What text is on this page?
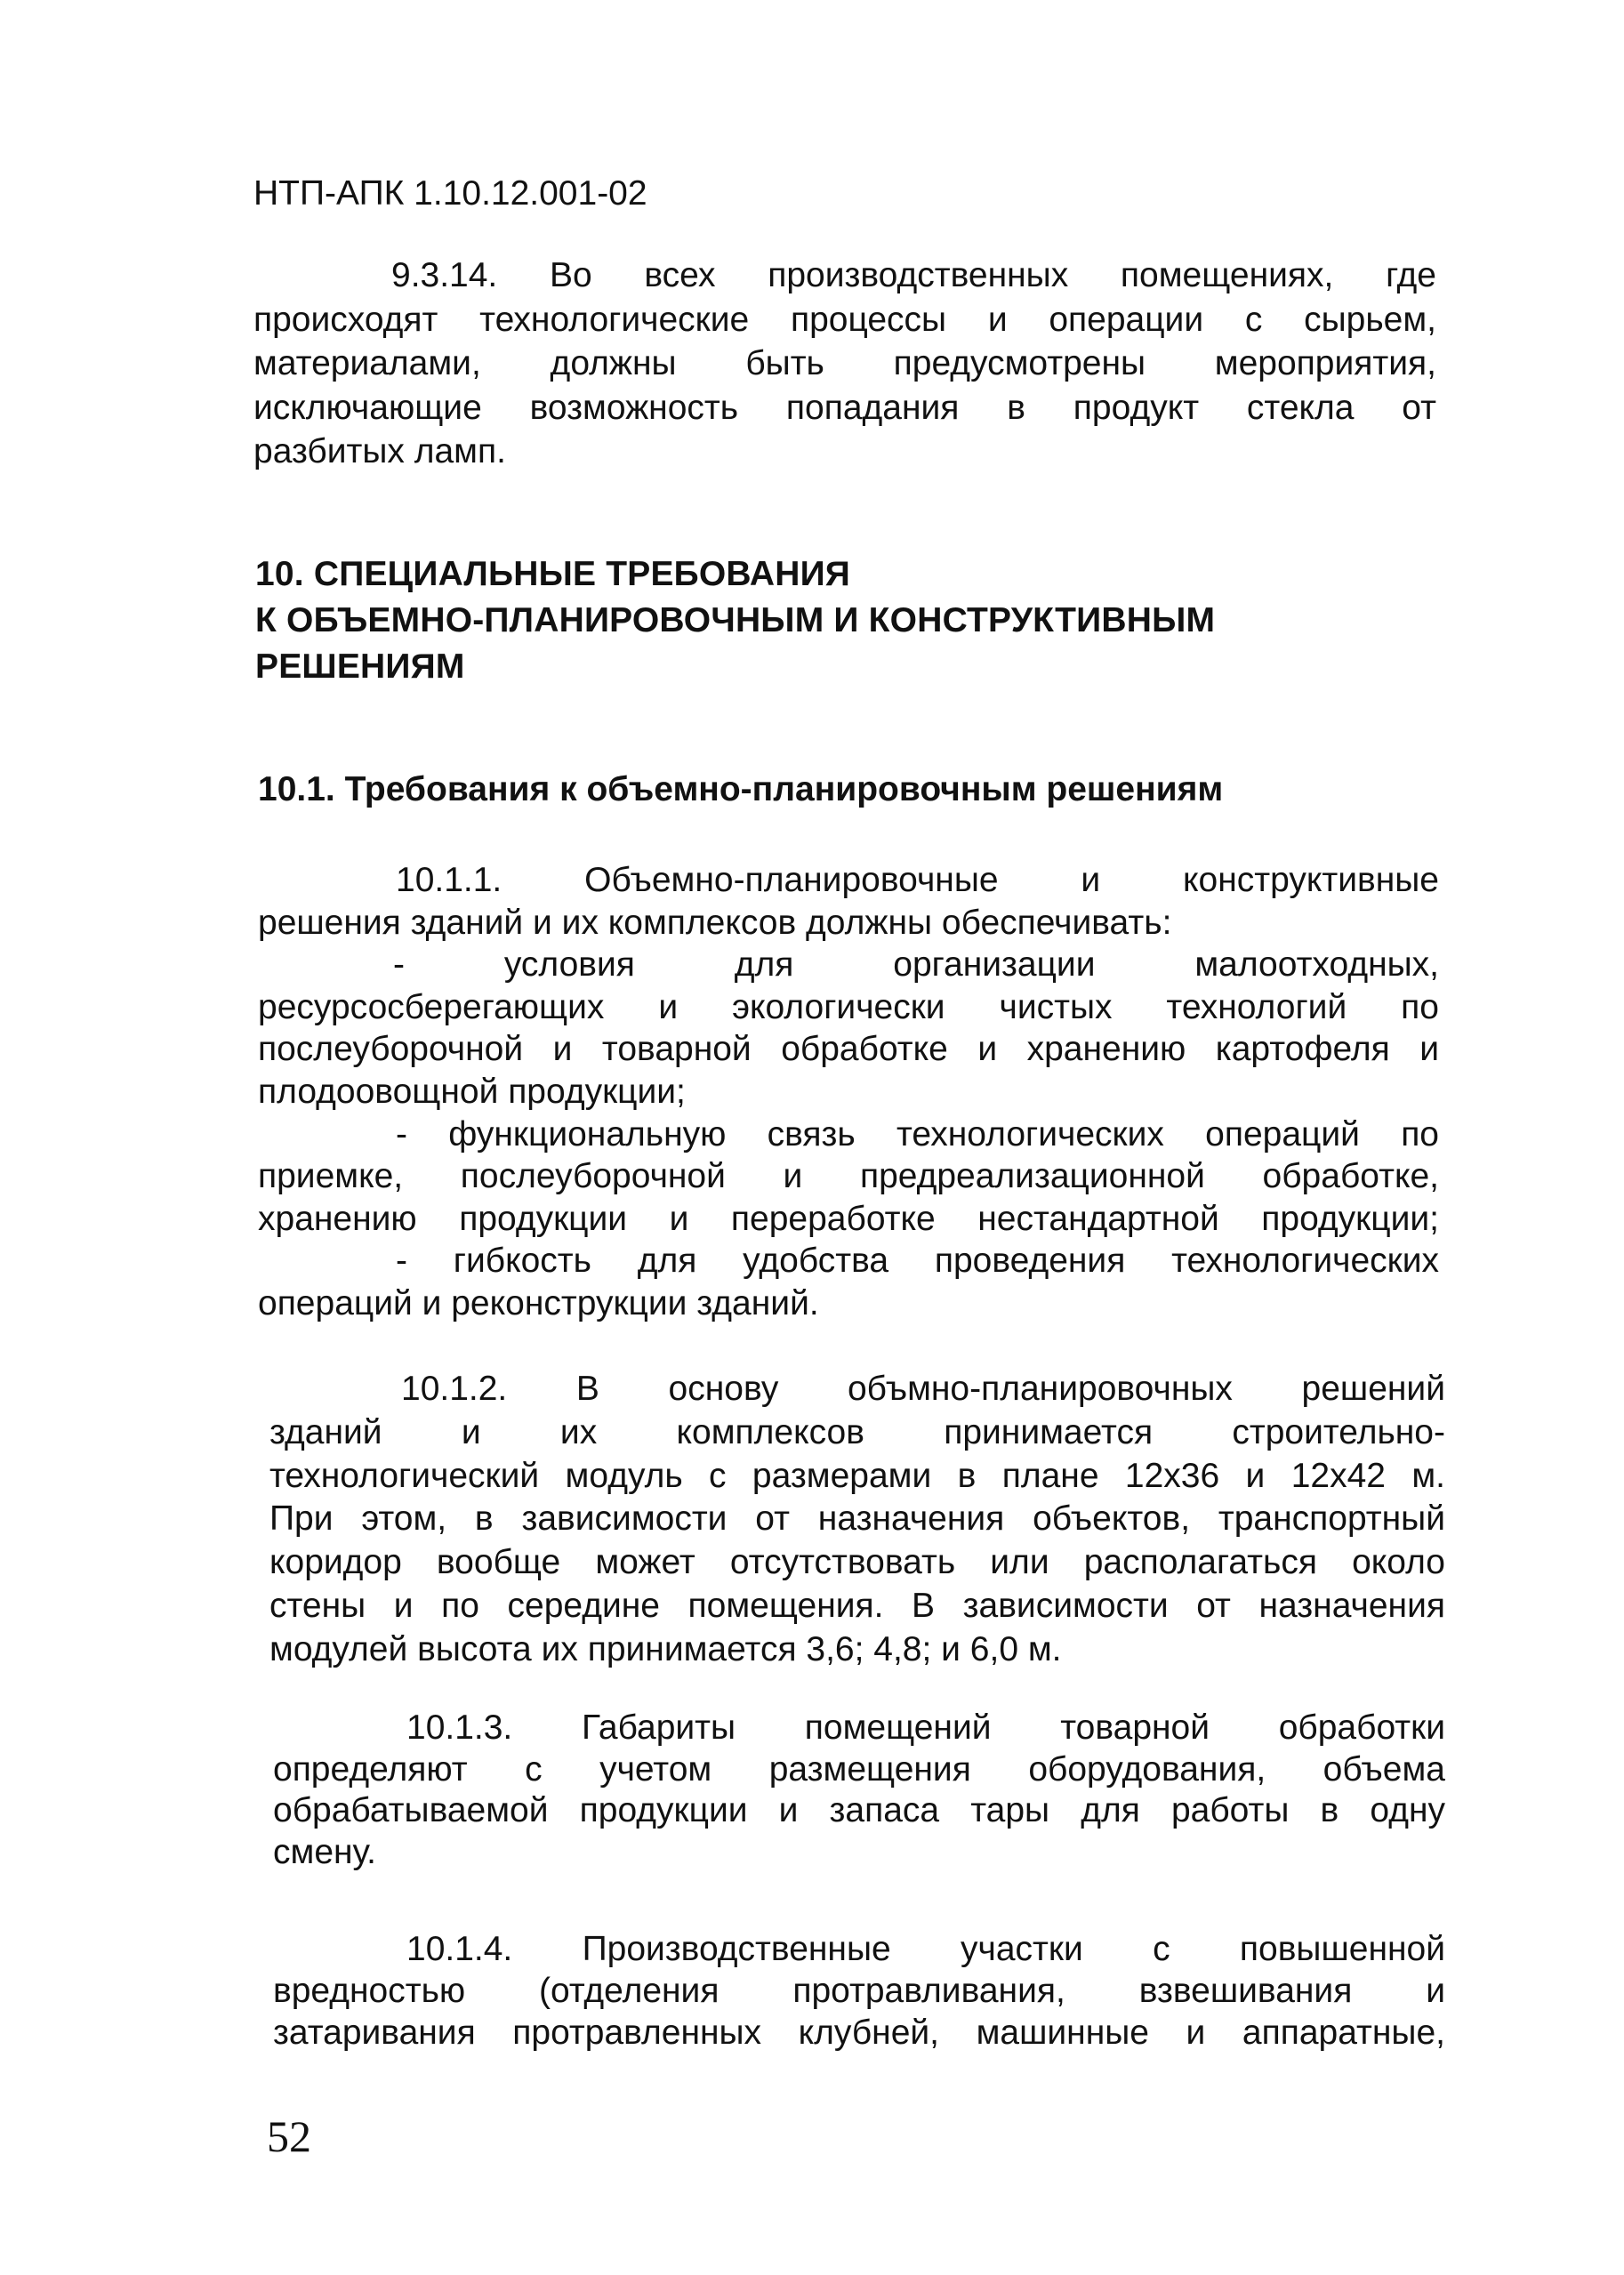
НТП-АПК 1.10.12.001-02
9.3.14. Во всех производственных помещениях, где
происходят технологические процессы и операции с сырьем,
материалами, должны быть предусмотрены мероприятия,
исключающие возможность попадания в продукт стекла от
разбитых ламп.
10. СПЕЦИАЛЬНЫЕ ТРЕБОВАНИЯ
К ОБЪЕМНО-ПЛАНИРОВОЧНЫМ И КОНСТРУКТИВНЫМ
РЕШЕНИЯМ
10.1. Требования к объемно-планировочным решениям
10.1.1. Объемно-планировочные и конструктивные
решения зданий и их комплексов должны обеспечивать:
- условия для организации малоотходных,
ресурсосберегающих и экологически чистых технологий по
послеуборочной и товарной обработке и хранению картофеля и
плодоовощной продукции;
- функциональную связь технологических операций по
приемке, послеуборочной и предреализационной обработке,
хранению продукции и переработке нестандартной продукции;
- гибкость для удобства проведения технологических
операций и реконструкции зданий.
10.1.2. В основу объмно-планировочных решений
зданий и их комплексов принимается строительно-
технологический модуль с размерами в плане 12х36 и 12х42 м.
При этом, в зависимости от назначения объектов, транспортный
коридор вообще может отсутствовать или располагаться около
стены и по середине помещения. В зависимости от назначения
модулей высота их принимается 3,6; 4,8; и 6,0 м.
10.1.3. Габариты помещений товарной обработки
определяют с учетом размещения оборудования, объема
обрабатываемой продукции и запаса тары для работы в одну
смену.
10.1.4. Производственные участки с повышенной
вредностью (отделения протравливания, взвешивания и
затаривания протравленных клубней, машинные и аппаратные,
52
